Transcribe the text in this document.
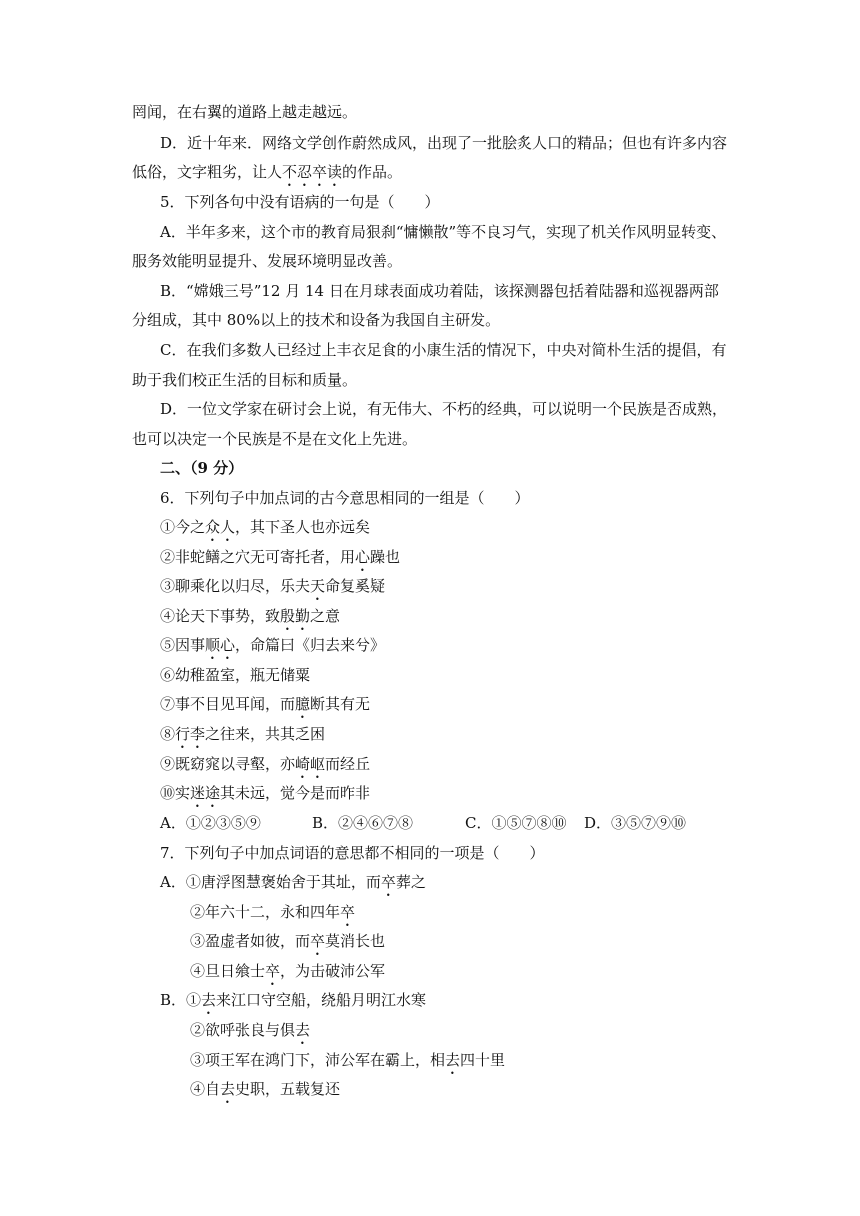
罔闻，在右翼的道路上越走越远。
D．近十年来．网络文学创作蔚然成风，出现了一批脍炙人口的精品；但也有许多内容
低俗，文字粗劣，让人不忍卒读的作品。
5．下列各句中没有语病的一句是（　　）
A．半年多来，这个市的教育局狠刹“慵懒散”等不良习气，实现了机关作风明显转变、
服务效能明显提升、发展环境明显改善。
B．“嫦娥三号”12 月 14 日在月球表面成功着陆，该探测器包括着陆器和巡视器两部
分组成，其中 80%以上的技术和设备为我国自主研发。
C．在我们多数人已经过上丰衣足食的小康生活的情况下，中央对简朴生活的提倡，有
助于我们校正生活的目标和质量。
D．一位文学家在研讨会上说，有无伟大、不朽的经典，可以说明一个民族是否成熟，
也可以决定一个民族是不是在文化上先进。
二、（9 分）
6．下列句子中加点词的古今意思相同的一组是（　　）
①今之众人，其下圣人也亦远矣
②非蛇鳝之穴无可寄托者，用心躁也
③聊乘化以归尽，乐夫天命复奚疑
④论天下事势，致殷勤之意
⑤因事顺心，命篇曰《归去来兮》
⑥幼稚盈室，瓶无储粟
⑦事不目见耳闻，而臆断其有无
⑧行李之往来，共其乏困
⑨既窈窕以寻壑，亦崎岖而经丘
⑩实迷途其未远，觉今是而昨非
7．下列句子中加点词语的意思都不相同的一项是（　　）
A．①唐浮图慧褒始舍于其址，而卒葬之
②年六十二，永和四年卒
③盈虚者如彼，而卒莫消长也
④旦日飨士卒，为击破沛公军
B．①去来江口守空船，绕船月明江水寒
②欲呼张良与俱去
③项王军在鸿门下，沛公军在霸上，相去四十里
④自去史职，五载复还
A．①②③⑤⑨	B．②④⑥⑦⑧	C．①⑤⑦⑧⑩ D．③⑤⑦⑨⑩
